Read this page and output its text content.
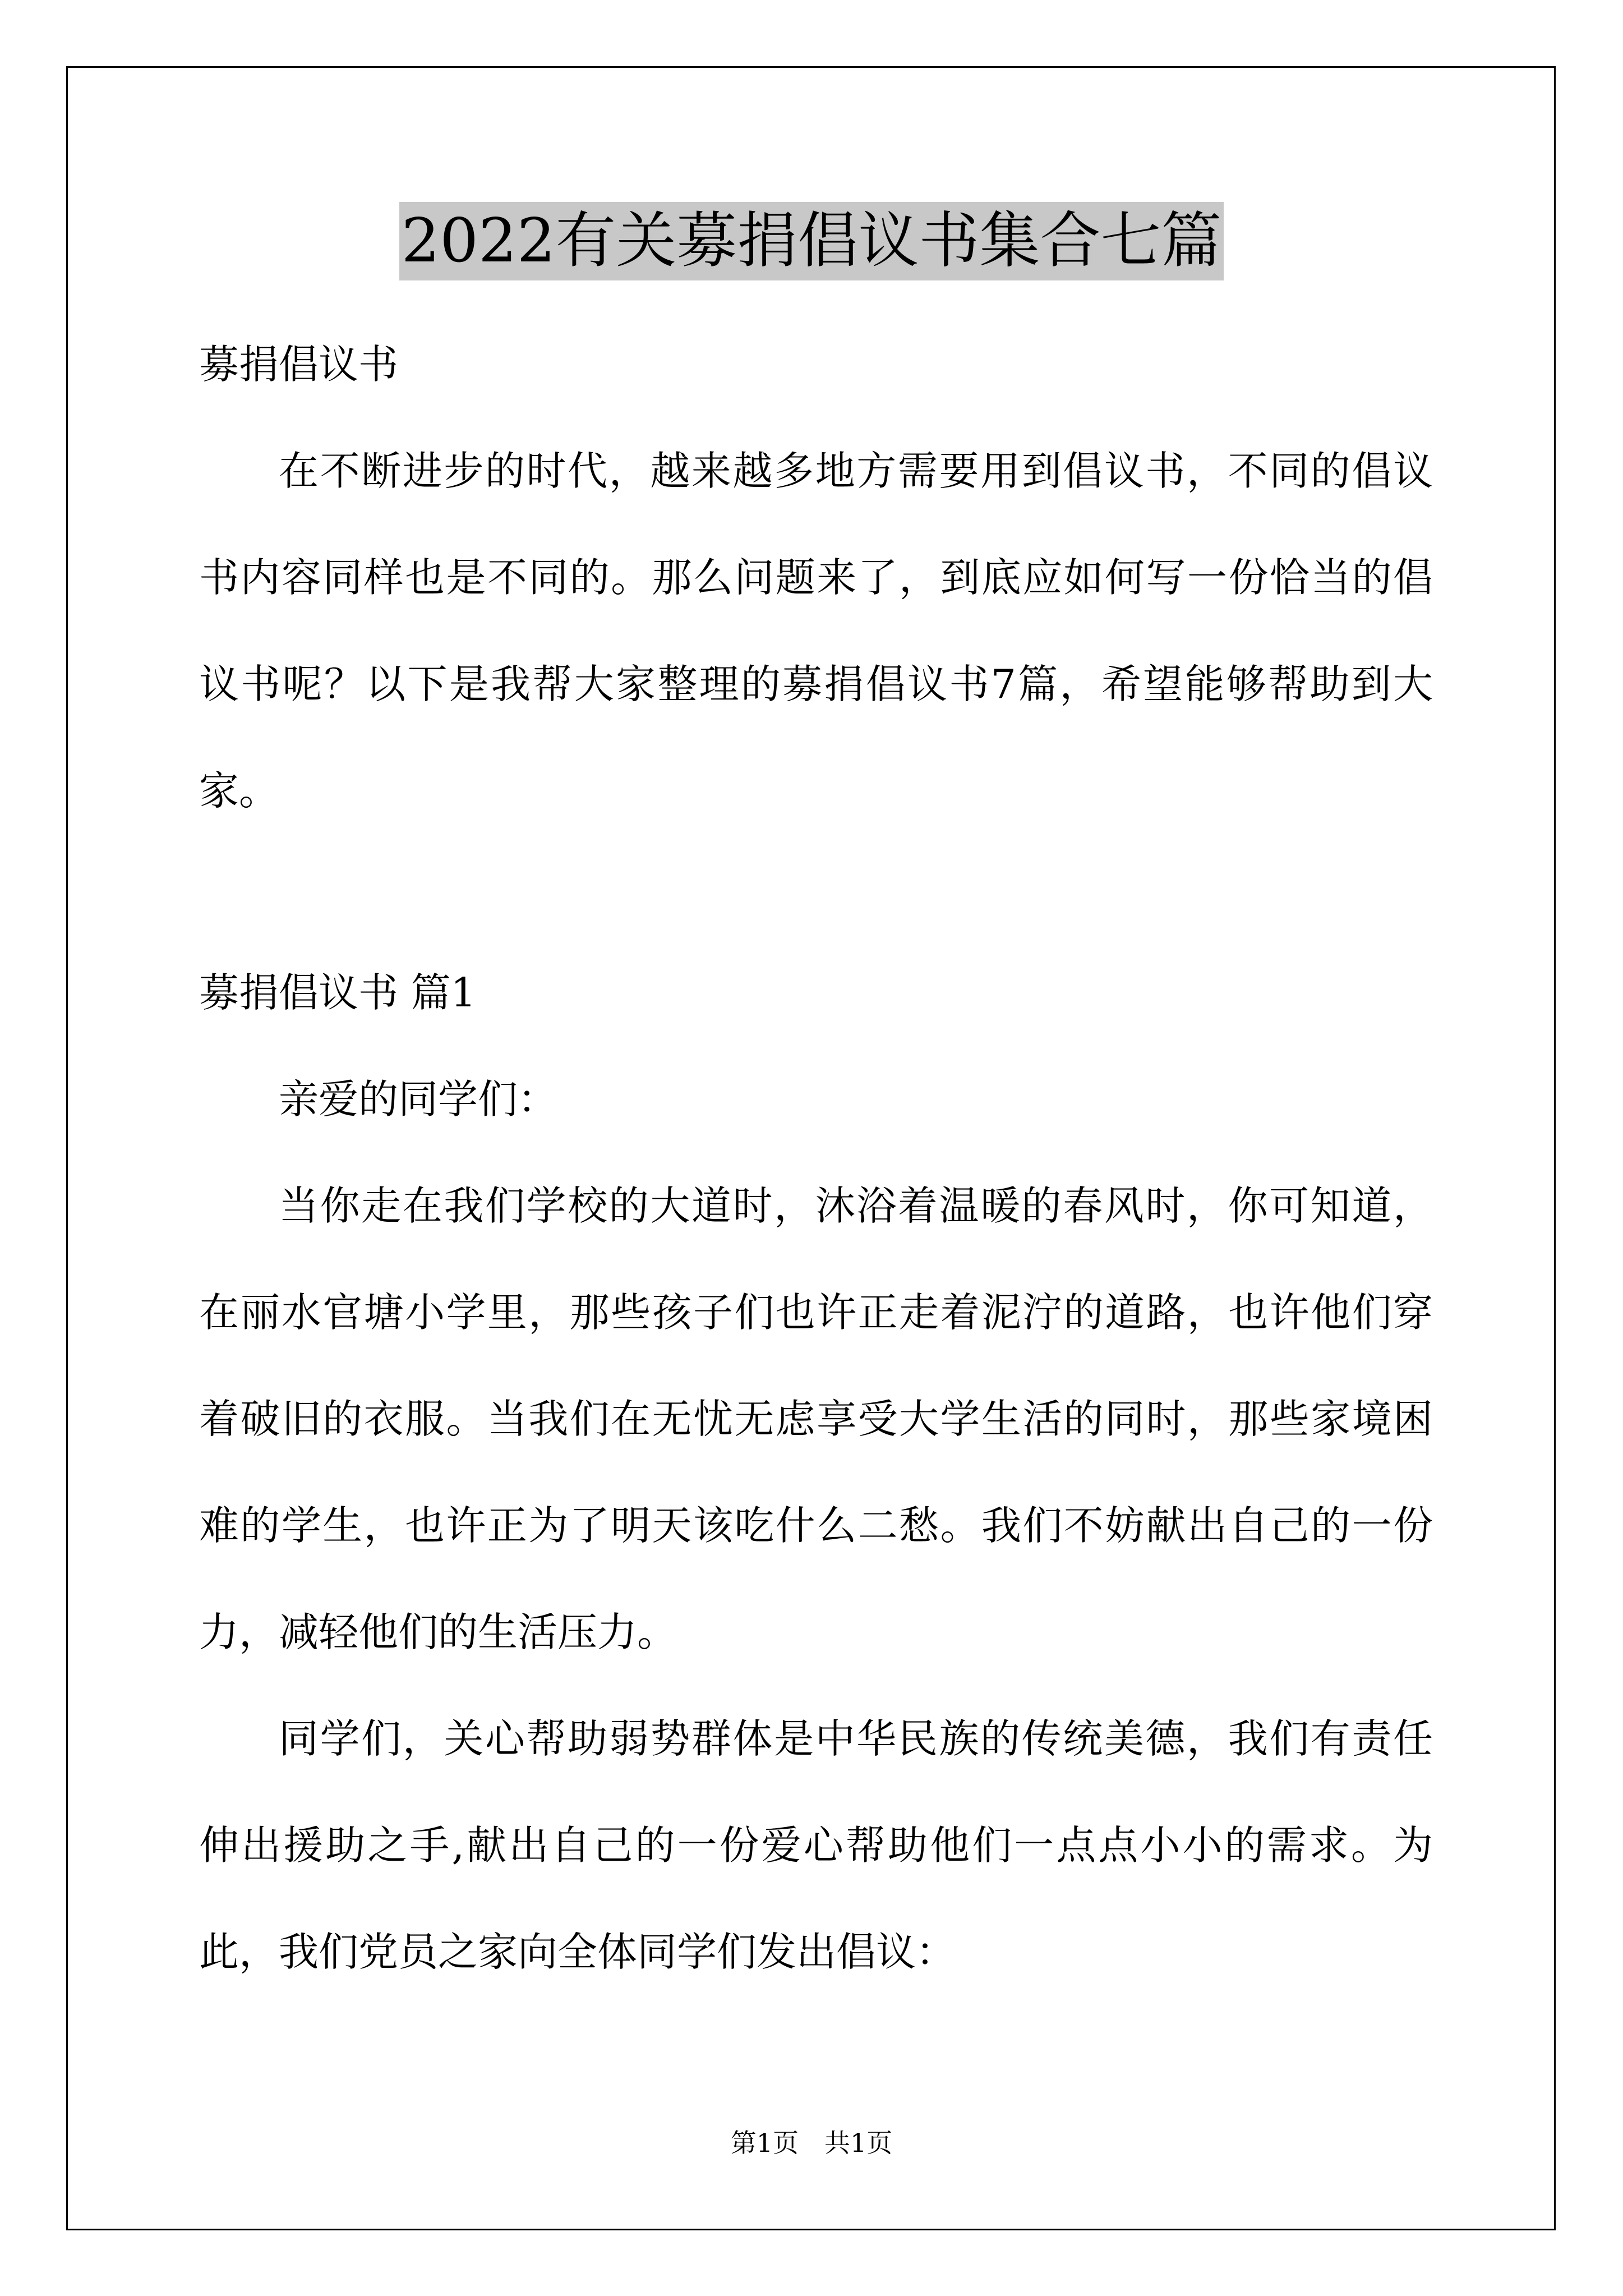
2022有关募捐倡议书集合七篇

募捐倡议书

在不断进步的时代，越来越多地方需要用到倡议书，不同的倡议书内容同样也是不同的。那么问题来了，到底应如何写一份恰当的倡议书呢？以下是我帮大家整理的募捐倡议书7篇，希望能够帮助到大家。

募捐倡议书 篇1

亲爱的同学们：

当你走在我们学校的大道时，沐浴着温暖的春风时，你可知道，在丽水官塘小学里，那些孩子们也许正走着泥泞的道路，也许他们穿着破旧的衣服。当我们在无忧无虑享受大学生活的同时，那些家境困难的学生，也许正为了明天该吃什么二愁。我们不妨献出自己的一份力，减轻他们的生活压力。

同学们，关心帮助弱势群体是中华民族的传统美德，我们有责任伸出援助之手,献出自己的一份爱心帮助他们一点点小小的需求。为此，我们党员之家向全体同学们发出倡议：

第1页　共1页
